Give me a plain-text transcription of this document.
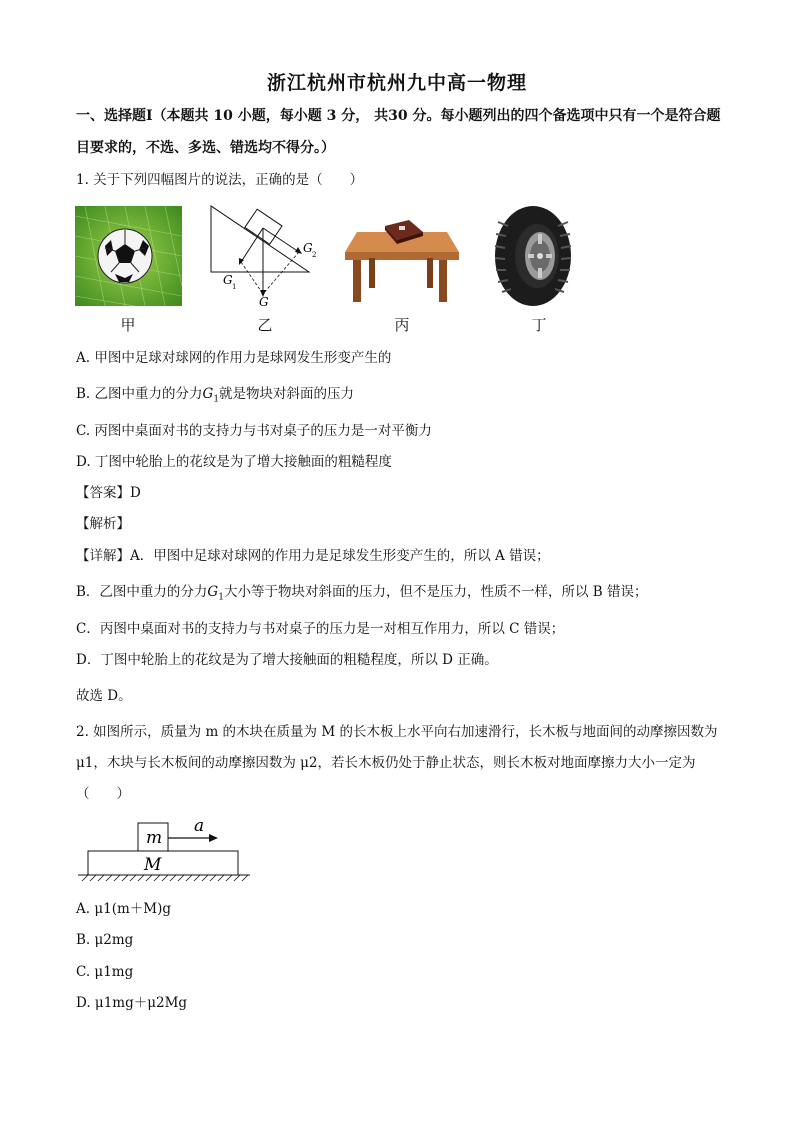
浙江杭州市杭州九中高一物理
一、选择题Ⅰ（本题共 10 小题，每小题 3 分， 共30 分。每小题列出的四个备选项中只有一个是符合题目要求的，不选、多选、错选均不得分。）
1. 关于下列四幅图片的说法，正确的是（　　）
G 2
G 1
G
甲	乙	丙	丁
A. 甲图中足球对球网的作用力是球网发生形变产生的
B. 乙图中重力的分力$G_1$就是物块对斜面的压力
C. 丙图中桌面对书的支持力与书对桌子的压力是一对平衡力
D. 丁图中轮胎上的花纹是为了增大接触面的粗糙程度
【答案】D
【解析】
【详解】A．甲图中足球对球网的作用力是足球发生形变产生的，所以 A 错误；
B．乙图中重力的分力$G_1$大小等于物块对斜面的压力，但不是压力，性质不一样，所以 B 错误；
C．丙图中桌面对书的支持力与书对桌子的压力是一对相互作用力，所以 C 错误；
D．丁图中轮胎上的花纹是为了增大接触面的粗糙程度，所以 D 正确。
故选 D。
2. 如图所示，质量为 m 的木块在质量为 M 的长木板上水平向右加速滑行，长木板与地面间的动摩擦因数为 μ1，木块与长木板间的动摩擦因数为 μ2，若长木板仍处于静止状态，则长木板对地面摩擦力大小一定为（　　）
m
M
a
A. μ1(m＋M)g
B. μ2mg
C. μ1mg
D. μ1mg＋μ2Mg
